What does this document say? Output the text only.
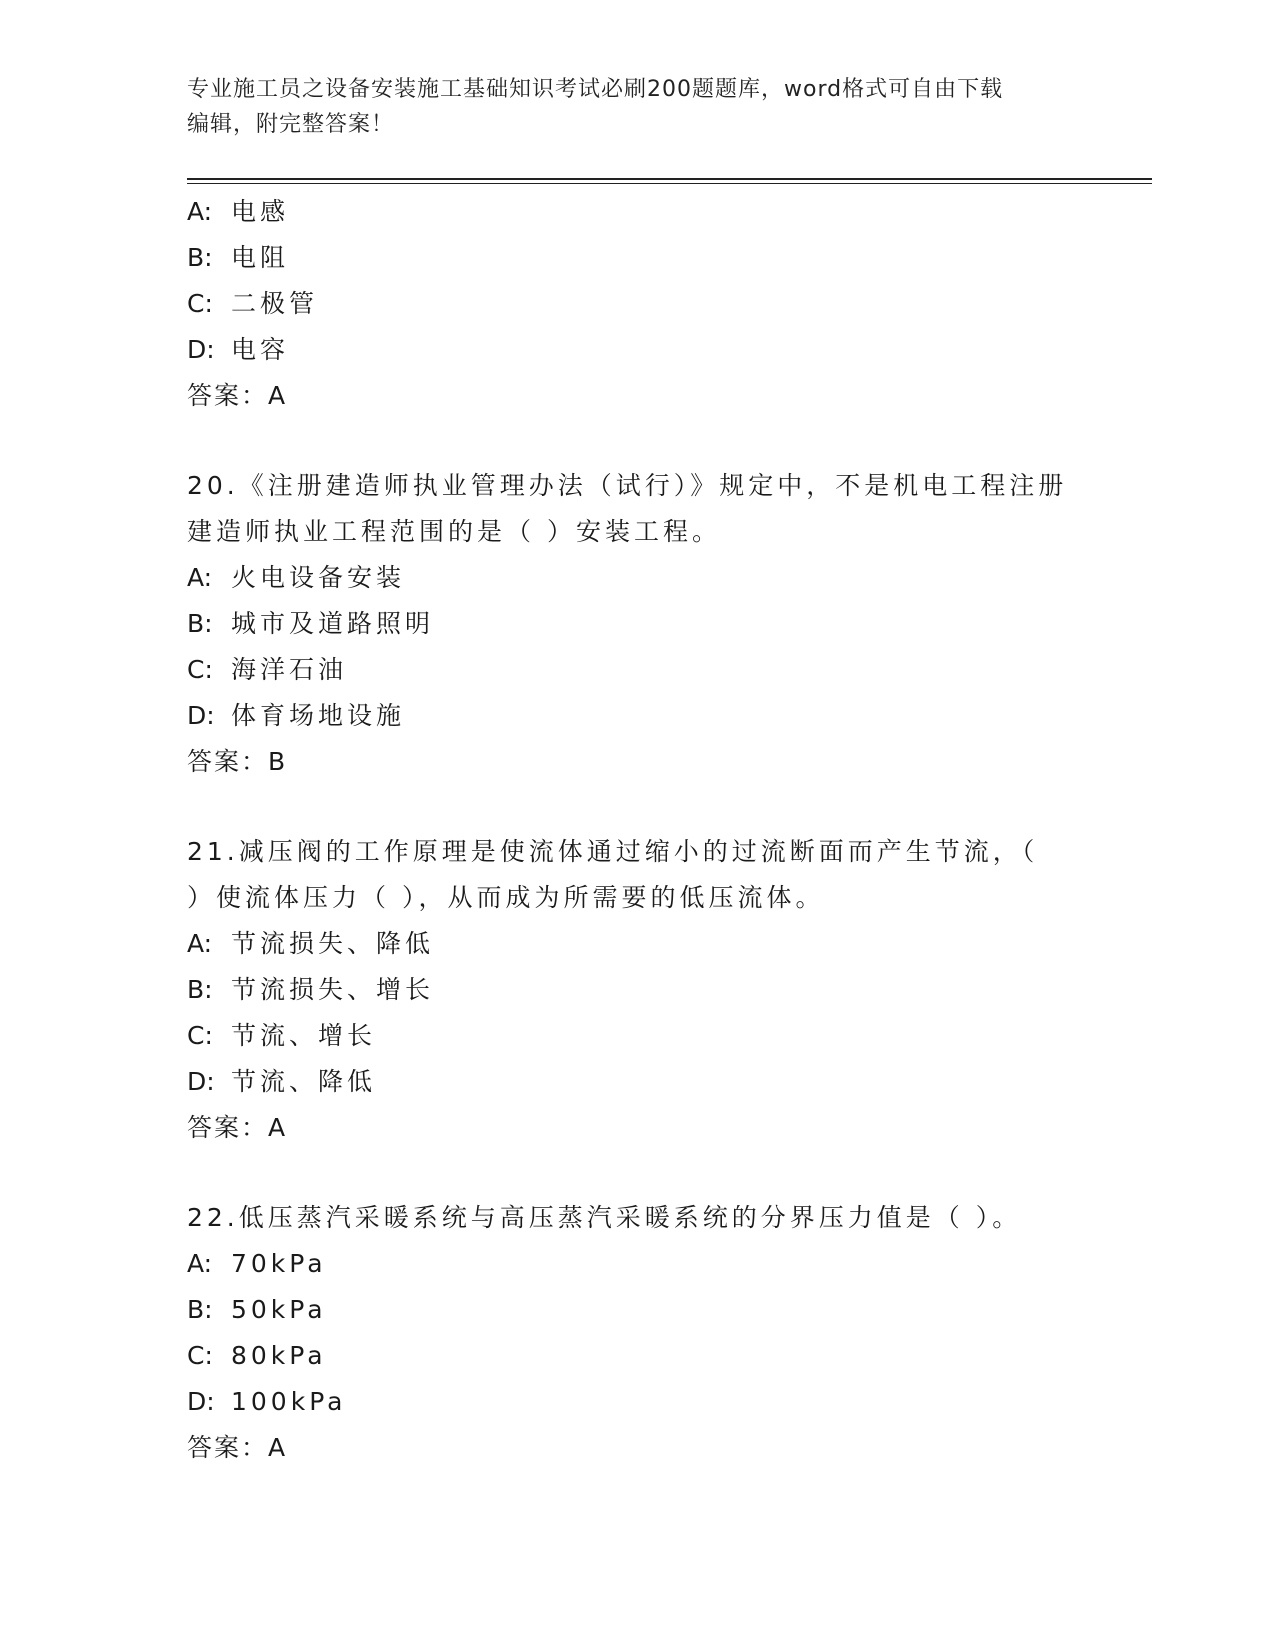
专业施工员之设备安装施工基础知识考试必刷200题题库，word格式可自由下载
编辑，附完整答案！
A: 电感
B: 电阻
C: 二极管
D: 电容
答案：A
20.《注册建造师执业管理办法（试行）》规定中，不是机电工程注册
建造师执业工程范围的是（ ）安装工程。
A: 火电设备安装
B: 城市及道路照明
C: 海洋石油
D: 体育场地设施
答案：B
21.减压阀的工作原理是使流体通过缩小的过流断面而产生节流，（
）使流体压力（ ），从而成为所需要的低压流体。
A: 节流损失、降低
B: 节流损失、增长
C: 节流、增长
D: 节流、降低
答案：A
22.低压蒸汽采暖系统与高压蒸汽采暖系统的分界压力值是（ ）。
A: 70kPa
B: 50kPa
C: 80kPa
D: 100kPa
答案：A
